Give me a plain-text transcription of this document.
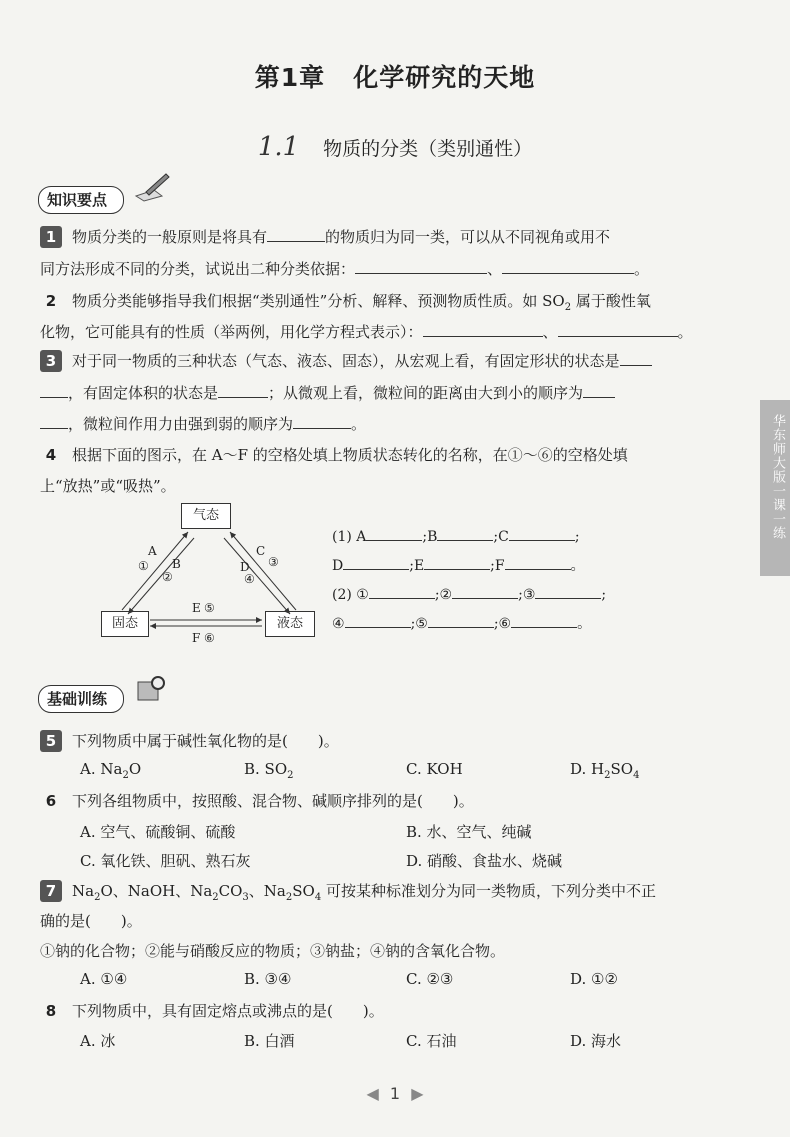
第1章 化学研究的天地
1.1 物质的分类（类别通性）
华东师大版一课一练
知识要点
1 物质分类的一般原则是将具有	的物质归为同一类，可以从不同视角或用不
同方法形成不同的分类，试说出二种分类依据：	、	。
2 物质分类能够指导我们根据“类别通性”分析、解释、预测物质性质。如 $SO_2$ 属于酸性氧
化物，它可能具有的性质（举两例，用化学方程式表示）：	、	。
3 对于同一物质的三种状态（气态、液态、固态），从宏观上看，有固定形状的状态是
，有固定体积的状态是	；从微观上看，微粒间的距离由大到小的顺序为
，微粒间作用力由强到弱的顺序为	。
4 根据下面的图示，在 A～F 的空格处填上物质状态转化的名称，在①～⑥的空格处填
上“放热”或“吸热”。
气态
固态	液态
A
① B
②
C
③
D
④
E ⑤
F ⑥
(1) A	;B	;C	;
D	;E	;F	。
(2) ①	;②	;③	;
④	;⑤	;⑥	。
基础训练
5 下列物质中属于碱性氧化物的是(　　)。
A. $Na_2O$	B. $SO_2$	C. KOH	D. $H_2SO_4$
6 下列各组物质中，按照酸、混合物、碱顺序排列的是(　　)。
A. 空气、硫酸铜、硫酸	B. 水、空气、纯碱
C. 氧化铁、胆矾、熟石灰	D. 硝酸、食盐水、烧碱
7 $Na_2O$、NaOH、$Na_2CO_3$、$Na_2SO_4$ 可按某种标准划分为同一类物质，下列分类中不正
确的是(　　)。
①钠的化合物；②能与硝酸反应的物质；③钠盐；④钠的含氧化合物。
A. ①④	B. ③④	C. ②③	D. ①②
8 下列物质中，具有固定熔点或沸点的是(　　)。
A. 冰	B. 白酒	C. 石油	D. 海水
◀ 1 ▶
